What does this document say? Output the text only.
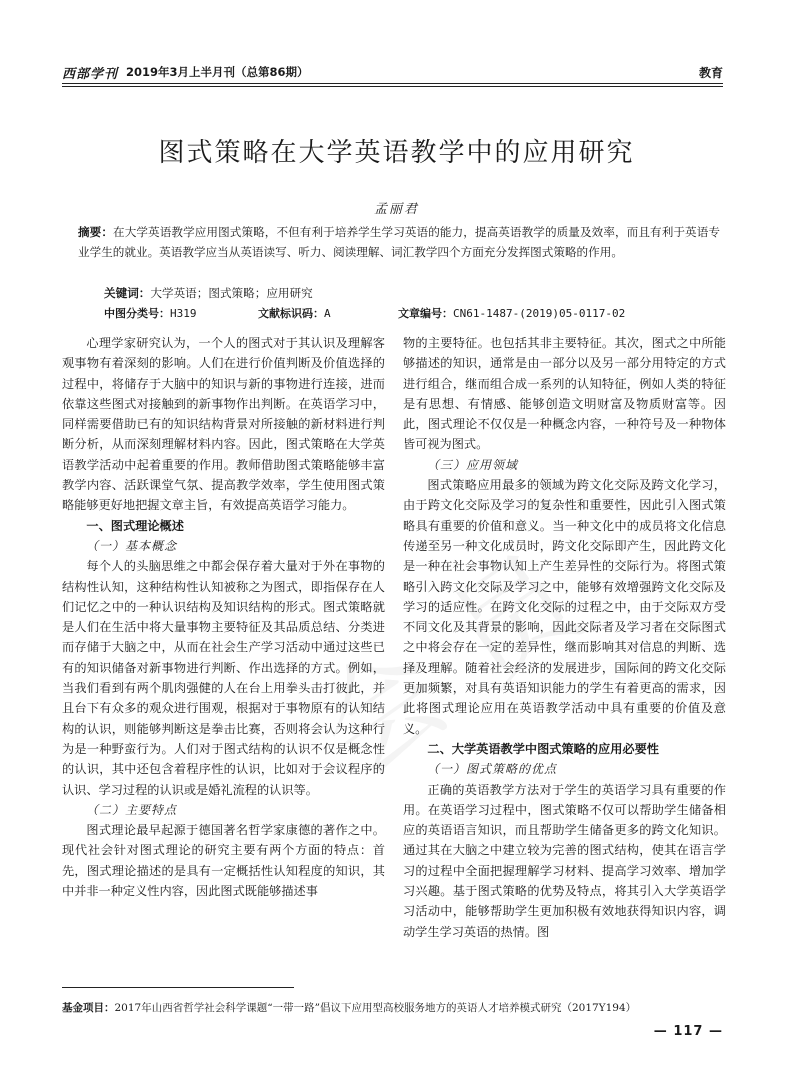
西部学刊 2019年3月上半月刊（总第86期）	教育
图式策略在大学英语教学中的应用研究
孟丽君
摘要：在大学英语教学应用图式策略，不但有利于培养学生学习英语的能力，提高英语教学的质量及效率，而且有利于英语专业学生的就业。英语教学应当从英语读写、听力、阅读理解、词汇教学四个方面充分发挥图式策略的作用。
关键词：大学英语；图式策略；应用研究
中图分类号：H319	文献标识码：A	文章编号：CN61-1487-(2019)05-0117-02

心理学家研究认为，一个人的图式对于其认识及理解客观事物有着深刻的影响。人们在进行价值判断及价值选择的过程中，将储存于大脑中的知识与新的事物进行连接，进而依靠这些图式对接触到的新事物作出判断。在英语学习中，同样需要借助已有的知识结构背景对所接触的新材料进行判断分析，从而深刻理解材料内容。因此，图式策略在大学英语教学活动中起着重要的作用。教师借助图式策略能够丰富教学内容、活跃课堂气氛、提高教学效率，学生使用图式策略能够更好地把握文章主旨，有效提高英语学习能力。

一、图式理论概述
（一）基本概念

每个人的头脑思维之中都会保存着大量对于外在事物的结构性认知，这种结构性认知被称之为图式，即指保存在人们记忆之中的一种认识结构及知识结构的形式。图式策略就是人们在生活中将大量事物主要特征及其品质总结、分类进而存储于大脑之中，从而在社会生产学习活动中通过这些已有的知识储备对新事物进行判断、作出选择的方式。例如，当我们看到有两个肌肉强健的人在台上用拳头击打彼此，并且台下有众多的观众进行围观，根据对于事物原有的认知结构的认识，则能够判断这是拳击比赛，否则将会认为这种行为是一种野蛮行为。人们对于图式结构的认识不仅是概念性的认识，其中还包含着程序性的认识，比如对于会议程序的认识、学习过程的认识或是婚礼流程的认识等。

（二）主要特点

图式理论最早起源于德国著名哲学家康德的著作之中。现代社会针对图式理论的研究主要有两个方面的特点：首先，图式理论描述的是具有一定概括性认知程度的知识，其中并非一种定义性内容，因此图式既能够描述事

物的主要特征。也包括其非主要特征。其次，图式之中所能够描述的知识，通常是由一部分以及另一部分用特定的方式进行组合，继而组合成一系列的认知特征，例如人类的特征是有思想、有情感、能够创造文明财富及物质财富等。因此，图式理论不仅仅是一种概念内容，一种符号及一种物体皆可视为图式。

（三）应用领域

图式策略应用最多的领域为跨文化交际及跨文化学习，由于跨文化交际及学习的复杂性和重要性，因此引入图式策略具有重要的价值和意义。当一种文化中的成员将文化信息传递至另一种文化成员时，跨文化交际即产生，因此跨文化是一种在社会事物认知上产生差异性的交际行为。将图式策略引入跨文化交际及学习之中，能够有效增强跨文化交际及学习的适应性。在跨文化交际的过程之中，由于交际双方受不同文化及其背景的影响，因此交际者及学习者在交际图式之中将会存在一定的差异性，继而影响其对信息的判断、选择及理解。随着社会经济的发展进步，国际间的跨文化交际更加频繁，对具有英语知识能力的学生有着更高的需求，因此将图式理论应用在英语教学活动中具有重要的价值及意义。

二、大学英语教学中图式策略的应用必要性
（一）图式策略的优点

正确的英语教学方法对于学生的英语学习具有重要的作用。在英语学习过程中，图式策略不仅可以帮助学生储备相应的英语语言知识，而且帮助学生储备更多的跨文化知识。通过其在大脑之中建立较为完善的图式结构，使其在语言学习的过程中全面把握理解学习材料、提高学习效率、增加学习兴趣。基于图式策略的优势及特点，将其引入大学英语学习活动中，能够帮助学生更加积极有效地获得知识内容，调动学生学习英语的热情。图

基金项目：2017年山西省哲学社会科学课题“一带一路”倡议下应用型高校服务地方的英语人才培养模式研究（2017Y194）
— 117 —
